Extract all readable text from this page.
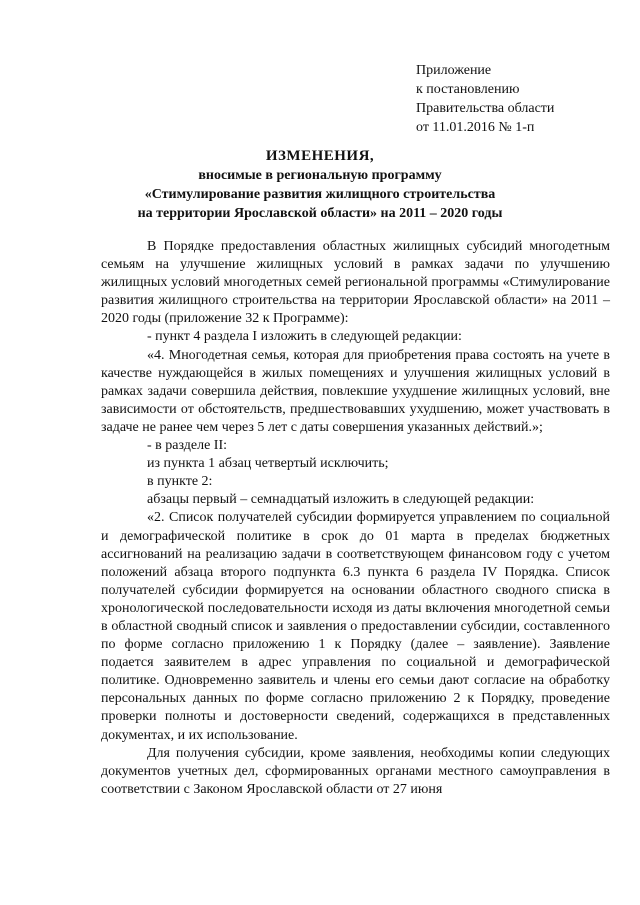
Приложение
к постановлению
Правительства области
от 11.01.2016 № 1-п
ИЗМЕНЕНИЯ,
вносимые в региональную программу
«Стимулирование развития жилищного строительства
на территории Ярославской области» на 2011 – 2020 годы

В Порядке предоставления областных жилищных субсидий многодетным семьям на улучшение жилищных условий в рамках задачи по улучшению жилищных условий многодетных семей региональной программы «Стимулирование развития жилищного строительства на территории Ярославской области» на 2011 – 2020 годы (приложение 32 к Программе):

- пункт 4 раздела I изложить в следующей редакции:

«4. Многодетная семья, которая для приобретения права состоять на учете в качестве нуждающейся в жилых помещениях и улучшения жилищных условий в рамках задачи совершила действия, повлекшие ухудшение жилищных условий, вне зависимости от обстоятельств, предшествовавших ухудшению, может участвовать в задаче не ранее чем через 5 лет с даты совершения указанных действий.»;

- в разделе II:

из пункта 1 абзац четвертый исключить;

в пункте 2:

абзацы первый – семнадцатый изложить в следующей редакции:

«2. Список получателей субсидии формируется управлением по социальной и демографической политике в срок до 01 марта в пределах бюджетных ассигнований на реализацию задачи в соответствующем финансовом году с учетом положений абзаца второго подпункта 6.3 пункта 6 раздела IV Порядка. Список получателей субсидии формируется на основании областного сводного списка в хронологической последовательности исходя из даты включения многодетной семьи в областной сводный список и заявления о предоставлении субсидии, составленного по форме согласно приложению 1 к Порядку (далее – заявление). Заявление подается заявителем в адрес управления по социальной и демографической политике. Одновременно заявитель и члены его семьи дают согласие на обработку персональных данных по форме согласно приложению 2 к Порядку, проведение проверки полноты и достоверности сведений, содержащихся в представленных документах, и их использование.

Для получения субсидии, кроме заявления, необходимы копии следующих документов учетных дел, сформированных органами местного самоуправления в соответствии с Законом Ярославской области от 27 июня
